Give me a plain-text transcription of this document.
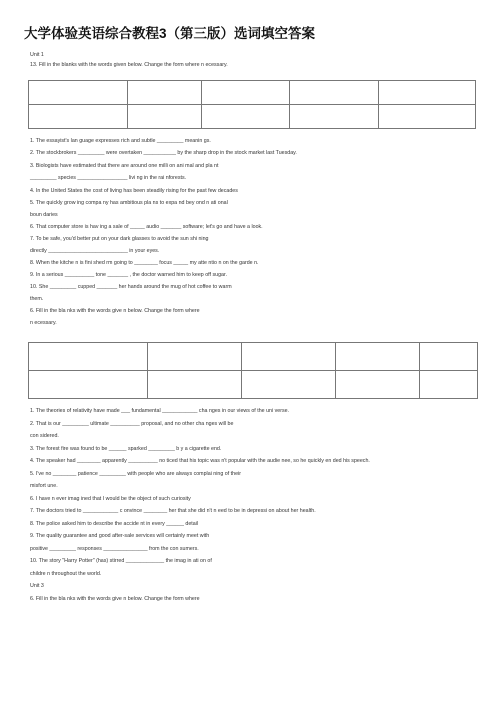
大学体验英语综合教程3（第三版）选词填空答案
Unit 1
13. Fill in the blanks with the words given below. Change the form where n ecessary.

1. The essayist's lan guage expresses rich and subtle _________ meanin gs.
2. The stockbrokers _________ were overtaken ___________ by the sharp drop in the stock market last Tuesday.
3. Biologists have estimated that there are around one milli on ani mal and pla nt
_________ species _________________ livi ng in the rai nforests.
4. In the United States the cost of living has been steadily rising for the past few decades
5. The quickly grow ing compa ny has ambitious pla ns to expa nd bey ond n ati onal
boun daries
6. That computer store is hav ing a sale of _____ audio _______ software; let's go and have a look.
7. To be safe, you'd better put on your dark glasses to avoid the sun shi ning
directly ___________________________ in your eyes.
8. When the kitche n is fini shed rm going to ________ focus _____ my atte ntio n on the garde n.
9. In a serious __________ tone _______ , the doctor warned him to keep off sugar.
10. She _________ cupped _______ her hands around the mug of hot coffee to warm
them.
6. Fill in the bla nks with the words give n below. Change the form where
n ecessary.

1. The theories of relativity have made ___ fundamental ____________ cha nges in our views of the uni verse.
2. That is our _________ ultimate __________ proposal, and no other cha nges will be
con sidered.
3. The forest fire was found to be ______ sparked _________ b y a cigarette end.
4. The speaker had ________ apparently __________ no ticed that his topic was n't popular with the audie nee, so he quickly en ded his speech.
5. I've no ________ patience _________ with people who are always complai ning of their
misfort une.
6. I have n ever imag ined that I would be the object of such curiosity
7. The doctors tried to ____________ c onvince ________ her that she did n't n eed to be in depressi on about her health.
8. The police asked him to describe the accide nt in every ______ detail
9. The quality guarantee and good after-sale services will certainly meet with
positive _________ responses _______________ from the con sumers.
10. The story "Harry Potter" (has) stirred _____________ the imag in ati on of
childre n throughout the world.
Unit 3
6. Fill in the bla nks with the words give n below. Change the form where
